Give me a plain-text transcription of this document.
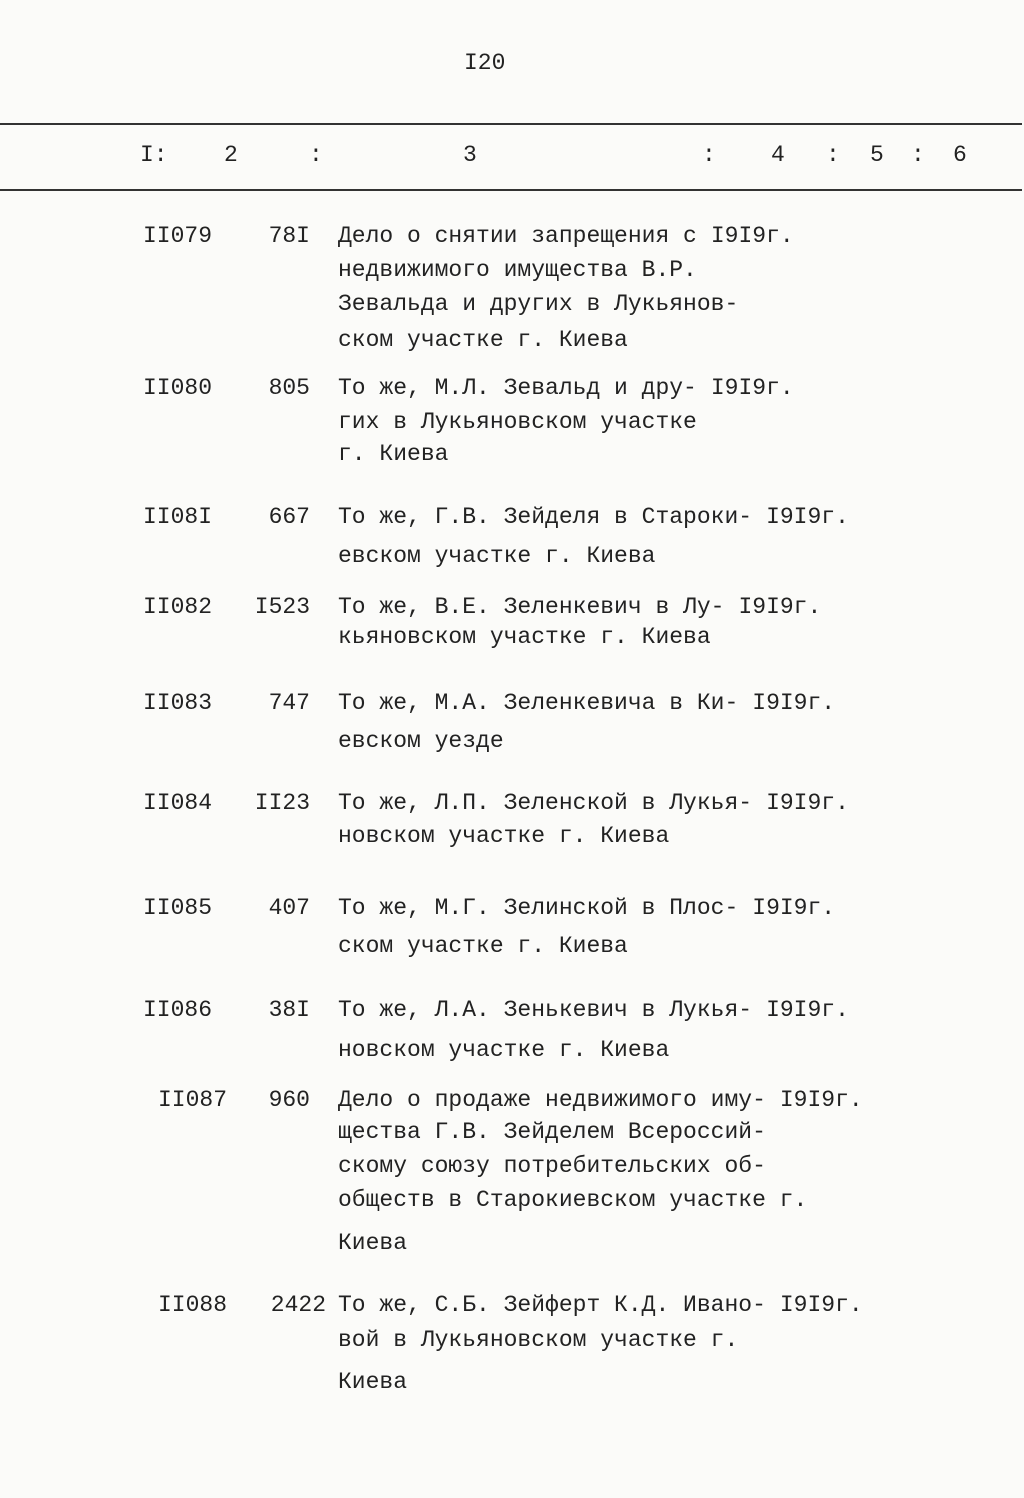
I20
I: 2	:	3	: 4 : 5 : 6
II079 78I Дело о снятии запрещения с I9I9г.
недвижимого имущества В.Р.
Зевальда и других в Лукьянов-
ском участке г. Киева
II080 805 То же, М.Л. Зевальд и дру- I9I9г.
гих в Лукьяновском участке
г. Киева
II08I 667 То же, Г.В. Зейделя в Староки- I9I9г.
евском участке г. Киева
II082 I523 То же, В.Е. Зеленкевич в Лу- I9I9г.
кьяновском участке г. Киева
II083 747 То же, М.А. Зеленкевича в Ки- I9I9г.
евском уезде
II084 II23 То же, Л.П. Зеленской в Лукья- I9I9г.
новском участке г. Киева
II085 407 То же, М.Г. Зелинской в Плос- I9I9г.
ском участке г. Киева
II086 38I То же, Л.А. Зенькевич в Лукья- I9I9г.
новском участке г. Киева
II087 960 Дело о продаже недвижимого иму- I9I9г.
щества Г.В. Зейделем Всероссий-
скому союзу потребительских об-
обществ в Старокиевском участке г.
Киева
II088 2422 То же, С.Б. Зейферт К.Д. Ивано- I9I9г.
вой в Лукьяновском участке г.
Киева
